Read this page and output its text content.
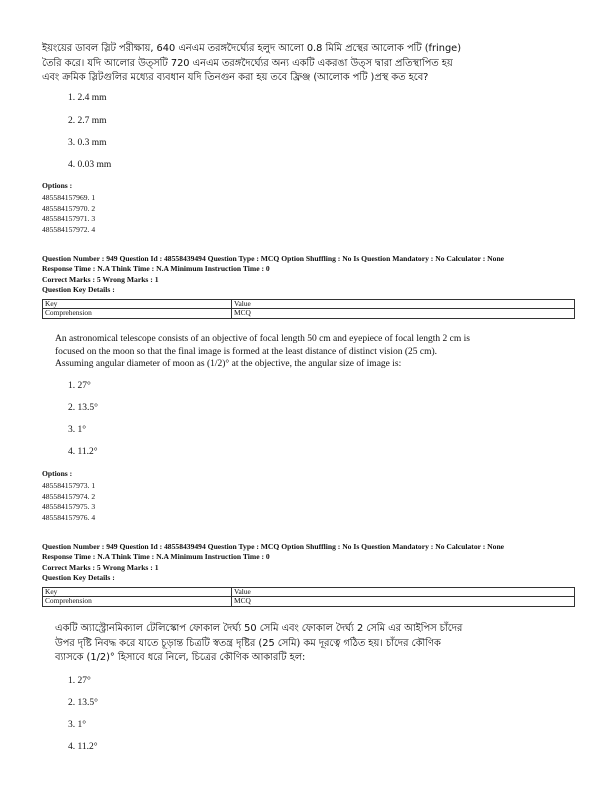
ইয়ংয়ের ডাবল স্লিট পরীক্ষায়, 640 এনএম তরঙ্গদৈর্ঘ্যের হলুদ আলো 0.8 মিমি প্রস্থের আলোক পটি (fringe)
তৈরি করে। যদি আলোর উত্সটি 720 এনএম তরঙ্গদৈর্ঘ্যের অন্য একটি একরঙা উত্স দ্বারা প্রতিস্থাপিত হয়
এবং ক্রমিক স্লিটগুলির মধ্যের ব্যবধান যদি তিনগুন করা হয় তবে ফ্রিঞ্জ (আলোক পটি )প্রস্থ কত হবে?
1. 2.4 mm
2. 2.7 mm
3. 0.3 mm
4. 0.03 mm
Options :
485584157969. 1
485584157970. 2
485584157971. 3
485584157972. 4
Question Number : 949 Question Id : 48558439494 Question Type : MCQ Option Shuffling : No Is Question Mandatory : No Calculator : None
Response Time : N.A Think Time : N.A Minimum Instruction Time : 0
Correct Marks : 5 Wrong Marks : 1
Question Key Details :
Key	Value
Comprehension	MCQ
An astronomical telescope consists of an objective of focal length 50 cm and eyepiece of focal length 2 cm is
focused on the moon so that the final image is formed at the least distance of distinct vision (25 cm).
Assuming angular diameter of moon as (1/2)° at the objective, the angular size of image is:
1. 27°
2. 13.5°
3. 1°
4. 11.2°
Options :
485584157973. 1
485584157974. 2
485584157975. 3
485584157976. 4
Question Number : 949 Question Id : 48558439494 Question Type : MCQ Option Shuffling : No Is Question Mandatory : No Calculator : None
Response Time : N.A Think Time : N.A Minimum Instruction Time : 0
Correct Marks : 5 Wrong Marks : 1
Question Key Details :
Key	Value
Comprehension	MCQ
একটি অ্যাস্ট্রোনমিক্যাল টেলিস্কোপ ফোকাল দৈর্ঘ্য 50 সেমি এবং ফোকাল দৈর্ঘ্য 2 সেমি এর আইপিস চাঁদের
উপর দৃষ্টি নিবদ্ধ করে যাতে চূড়ান্ত চিত্রটি স্বতন্ত্র দৃষ্টির (25 সেমি) কম দূরত্বে গঠিত হয়। চাঁদের কৌণিক
ব্যাসকে (1/2)° হিসাবে ধরে নিলে, চিত্রের কৌণিক আকারটি হল:
1. 27°
2. 13.5°
3. 1°
4. 11.2°
